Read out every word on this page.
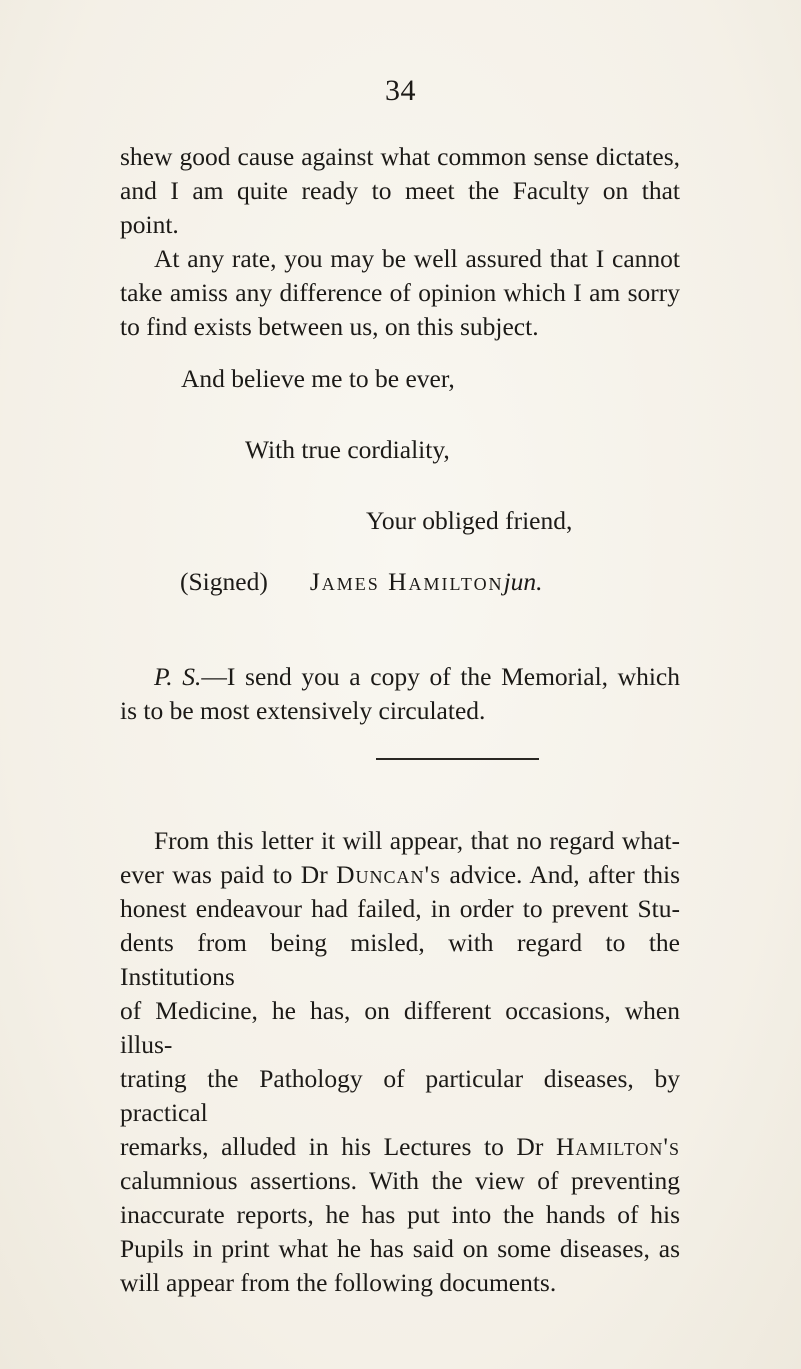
34
shew good cause against what common sense dictates,
and I am quite ready to meet the Faculty on that
point.
At any rate, you may be well assured that I cannot
take amiss any difference of opinion which I am sorry
to find exists between us, on this subject.
And believe me to be ever,
With true cordiality,
Your obliged friend,
(Signed) James Hamiltonjun.
P. S.—I send you a copy of the Memorial, which
is to be most extensively circulated.
From this letter it will appear, that no regard what-
ever was paid to Dr Duncan's advice. And, after this
honest endeavour had failed, in order to prevent Stu-
dents from being misled, with regard to the Institutions
of Medicine, he has, on different occasions, when illus-
trating the Pathology of particular diseases, by practical
remarks, alluded in his Lectures to Dr Hamilton's
calumnious assertions. With the view of preventing
inaccurate reports, he has put into the hands of his
Pupils in print what he has said on some diseases, as
will appear from the following documents.
